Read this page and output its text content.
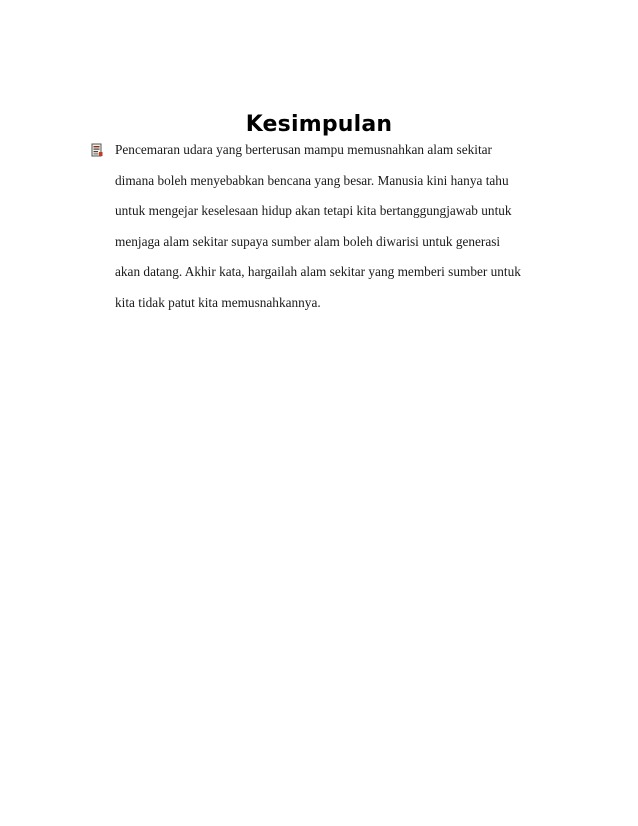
Kesimpulan
Pencemaran udara yang berterusan mampu memusnahkan alam sekitar
dimana boleh menyebabkan bencana yang besar. Manusia kini hanya tahu
untuk mengejar keselesaan hidup akan tetapi kita bertanggungjawab untuk
menjaga alam sekitar supaya sumber alam boleh diwarisi untuk generasi
akan datang. Akhir kata, hargailah alam sekitar yang memberi sumber untuk
kita tidak patut kita memusnahkannya.
